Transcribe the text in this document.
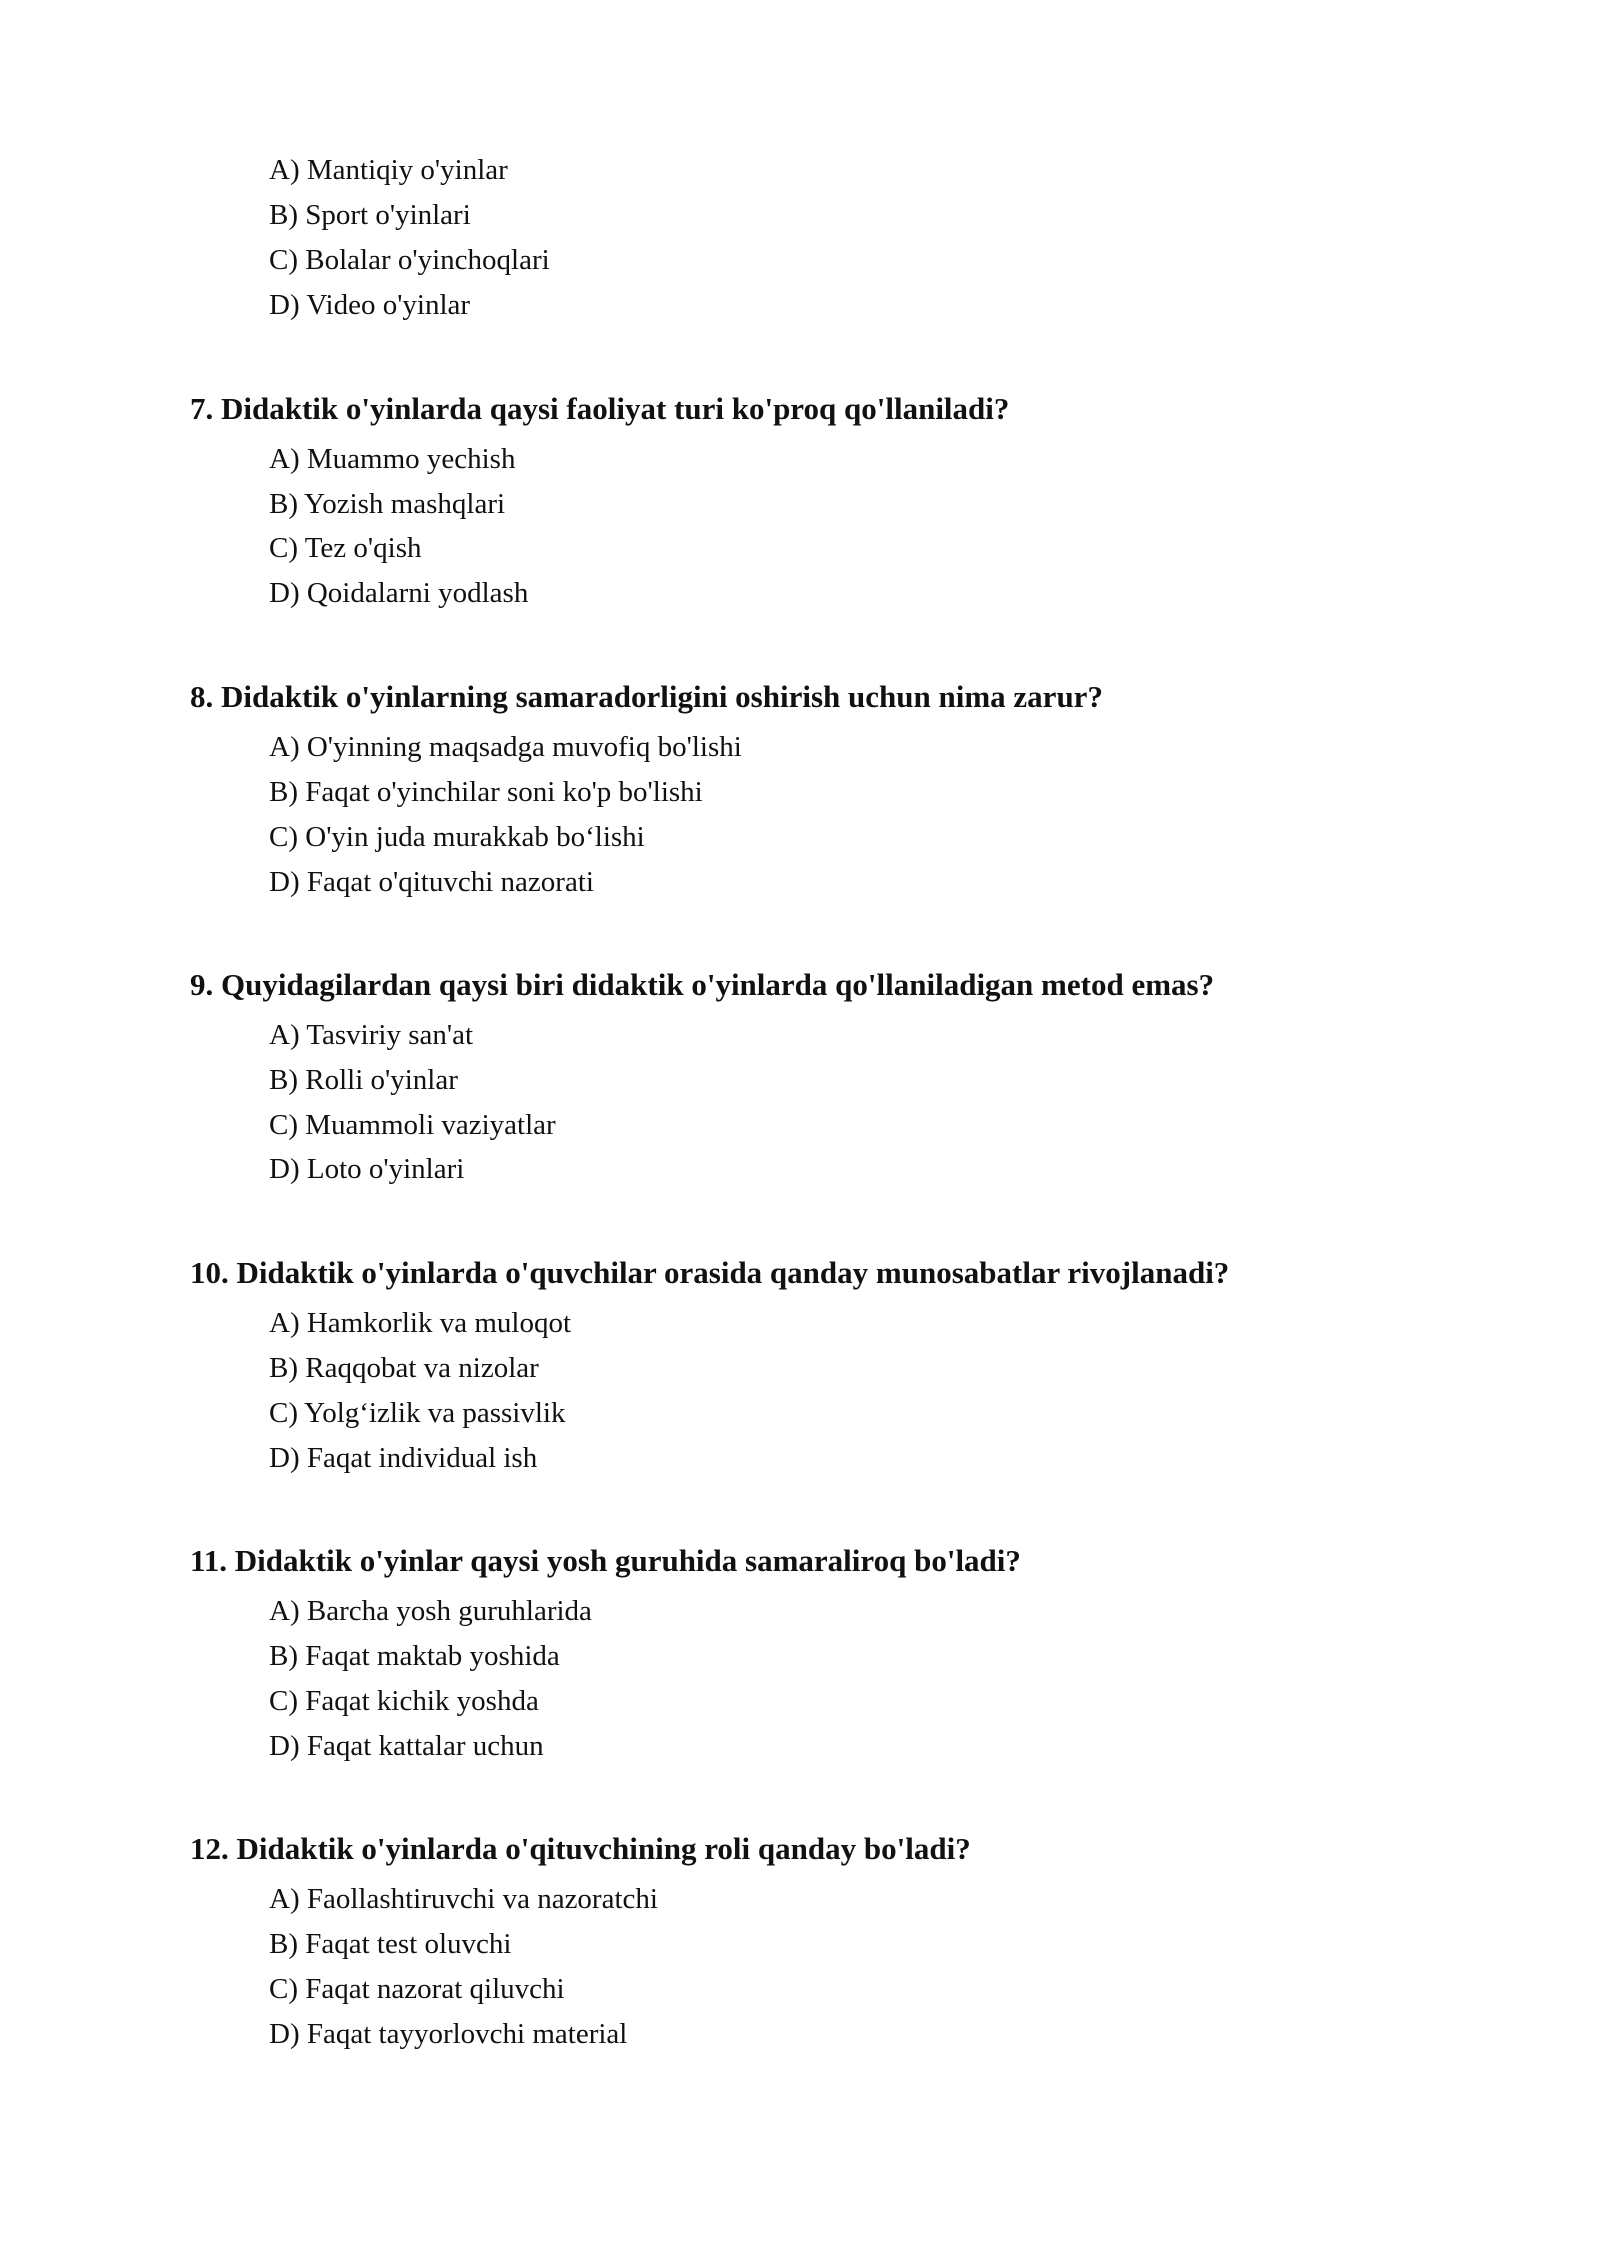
A) Mantiqiy o'yinlar
B) Sport o'yinlari
C) Bolalar o'yinchoqlari
D) Video o'yinlar
7. Didaktik o'yinlarda qaysi faoliyat turi ko'proq qo'llaniladi?
A) Muammo yechish
B) Yozish mashqlari
C) Tez o'qish
D) Qoidalarni yodlash
8. Didaktik o'yinlarning samaradorligini oshirish uchun nima zarur?
A) O'yinning maqsadga muvofiq bo'lishi
B) Faqat o'yinchilar soni ko'p bo'lishi
C) O'yin juda murakkab bo‘lishi
D) Faqat o'qituvchi nazorati
9. Quyidagilardan qaysi biri didaktik o'yinlarda qo'llaniladigan metod emas?
A) Tasviriy san'at
B) Rolli o'yinlar
C) Muammoli vaziyatlar
D) Loto o'yinlari
10. Didaktik o'yinlarda o'quvchilar orasida qanday munosabatlar rivojlanadi?
A) Hamkorlik va muloqot
B) Raqqobat va nizolar
C) Yolg‘izlik va passivlik
D) Faqat individual ish
11. Didaktik o'yinlar qaysi yosh guruhida samaraliroq bo'ladi?
A) Barcha yosh guruhlarida
B) Faqat maktab yoshida
C) Faqat kichik yoshda
D) Faqat kattalar uchun
12. Didaktik o'yinlarda o'qituvchining roli qanday bo'ladi?
A) Faollashtiruvchi va nazoratchi
B) Faqat test oluvchi
C) Faqat nazorat qiluvchi
D) Faqat tayyorlovchi material
